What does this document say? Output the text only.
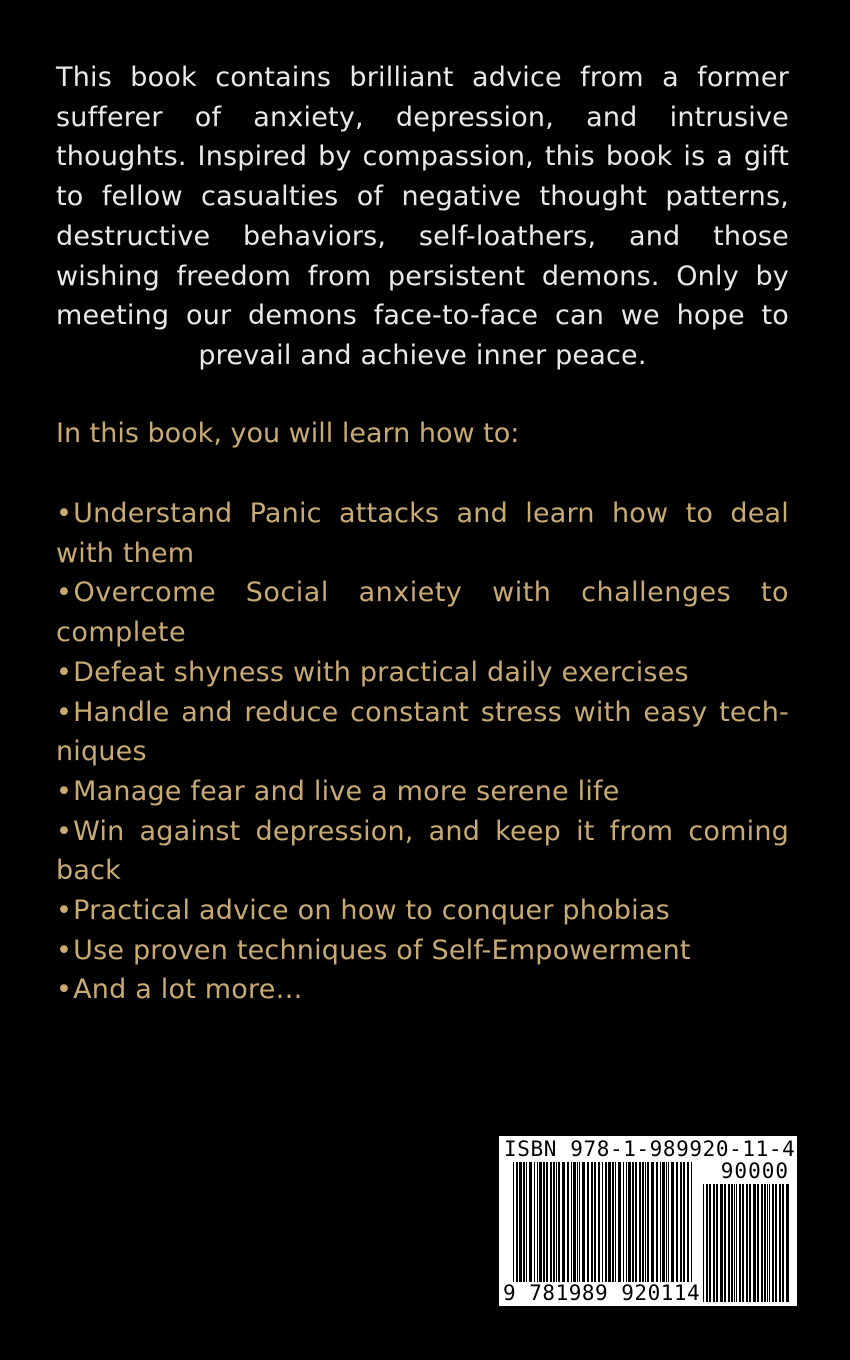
This book contains brilliant advice from a former sufferer of anxiety, depression, and intrusive thoughts. Inspired by compassion, this book is a gift to fellow casualties of negative thought patterns, destructive behaviors, self-loathers, and those wishing freedom from persistent demons. Only by meeting our demons face-to-face can we hope to prevail and achieve inner peace.

In this book, you will learn how to:

•Understand Panic attacks and learn how to deal with them
•Overcome Social anxiety with challenges to complete
•Defeat shyness with practical daily exercises
•Handle and reduce constant stress with easy tech-niques
•Manage fear and live a more serene life
•Win against depression, and keep it from coming back
•Practical advice on how to conquer phobias
•Use proven techniques of Self-Empowerment
•And a lot more…
ISBN 978-1-989920-11-4
90000
9 781989 920114
